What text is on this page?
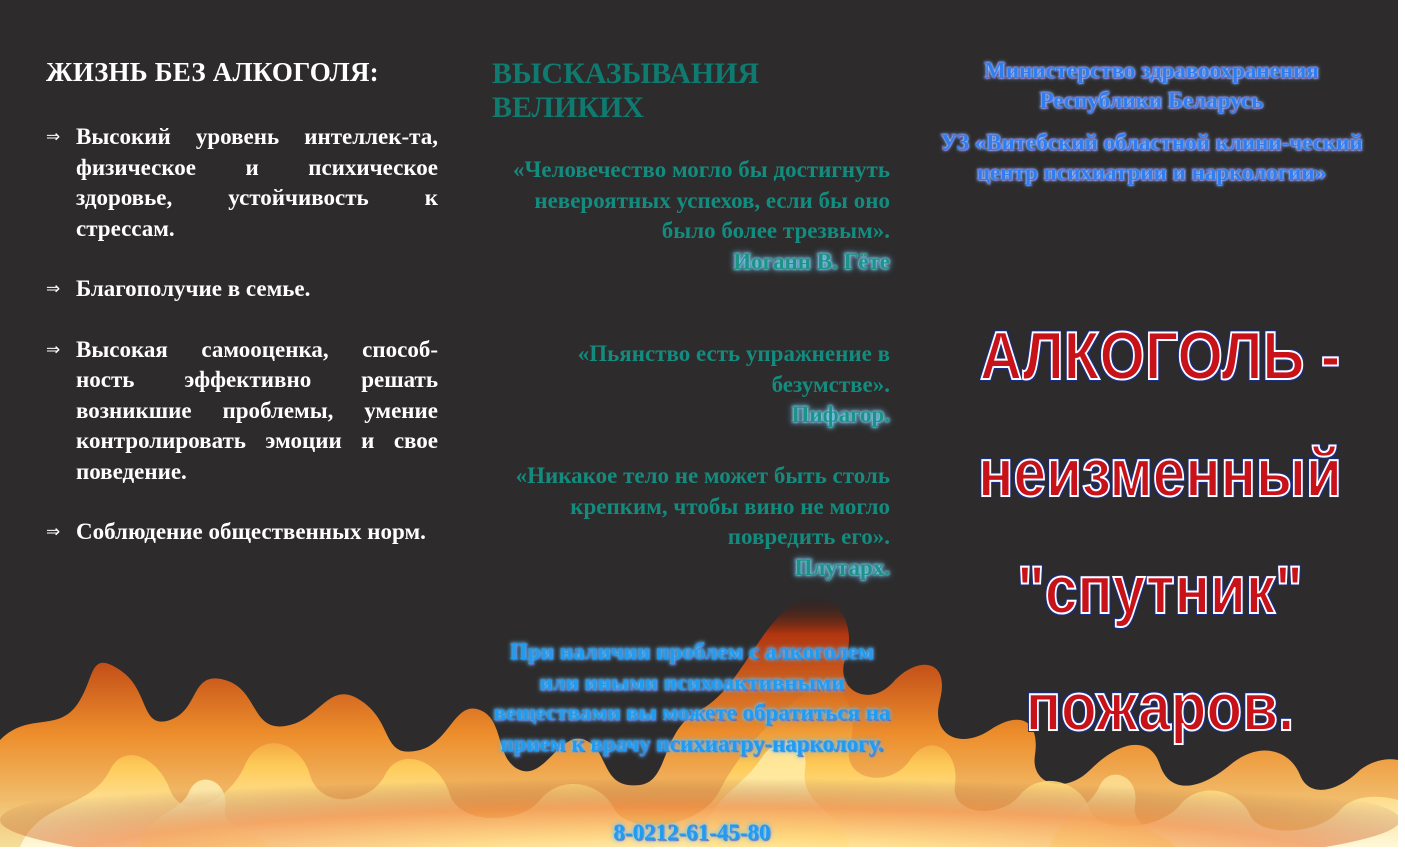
ЖИЗНЬ БЕЗ АЛКОГОЛЯ:
⇒ Высокий уровень интеллек-та, физическое и психическое здоровье, устойчивость к стрессам.
⇒ Благополучие в семье.
⇒ Высокая самооценка, способ-ность эффективно решать возникшие проблемы, умение контролировать эмоции и свое поведение.
⇒ Соблюдение общественных норм.
ВЫСКАЗЫВАНИЯ ВЕЛИКИХ
«Человечество могло бы достигнуть невероятных успехов, если бы оно было более трезвым».
Иоганн В. Гёте
«Пьянство есть упражнение в безумстве».
Пифагор.
«Никакое тело не может быть столь крепким, чтобы вино не могло повредить его».
Плутарх.
При наличии проблем с алкоголем или иными психоактивными веществами вы можете обратиться на прием к врачу психиатру-наркологу.
8-0212-61-45-80

Министерство здравоохранения Республики Беларусь

УЗ «Витебский областной клини-ческий центр психиатрии и наркологии»

АЛКОГОЛЬ -
неизменный
"спутник"
пожаров.
